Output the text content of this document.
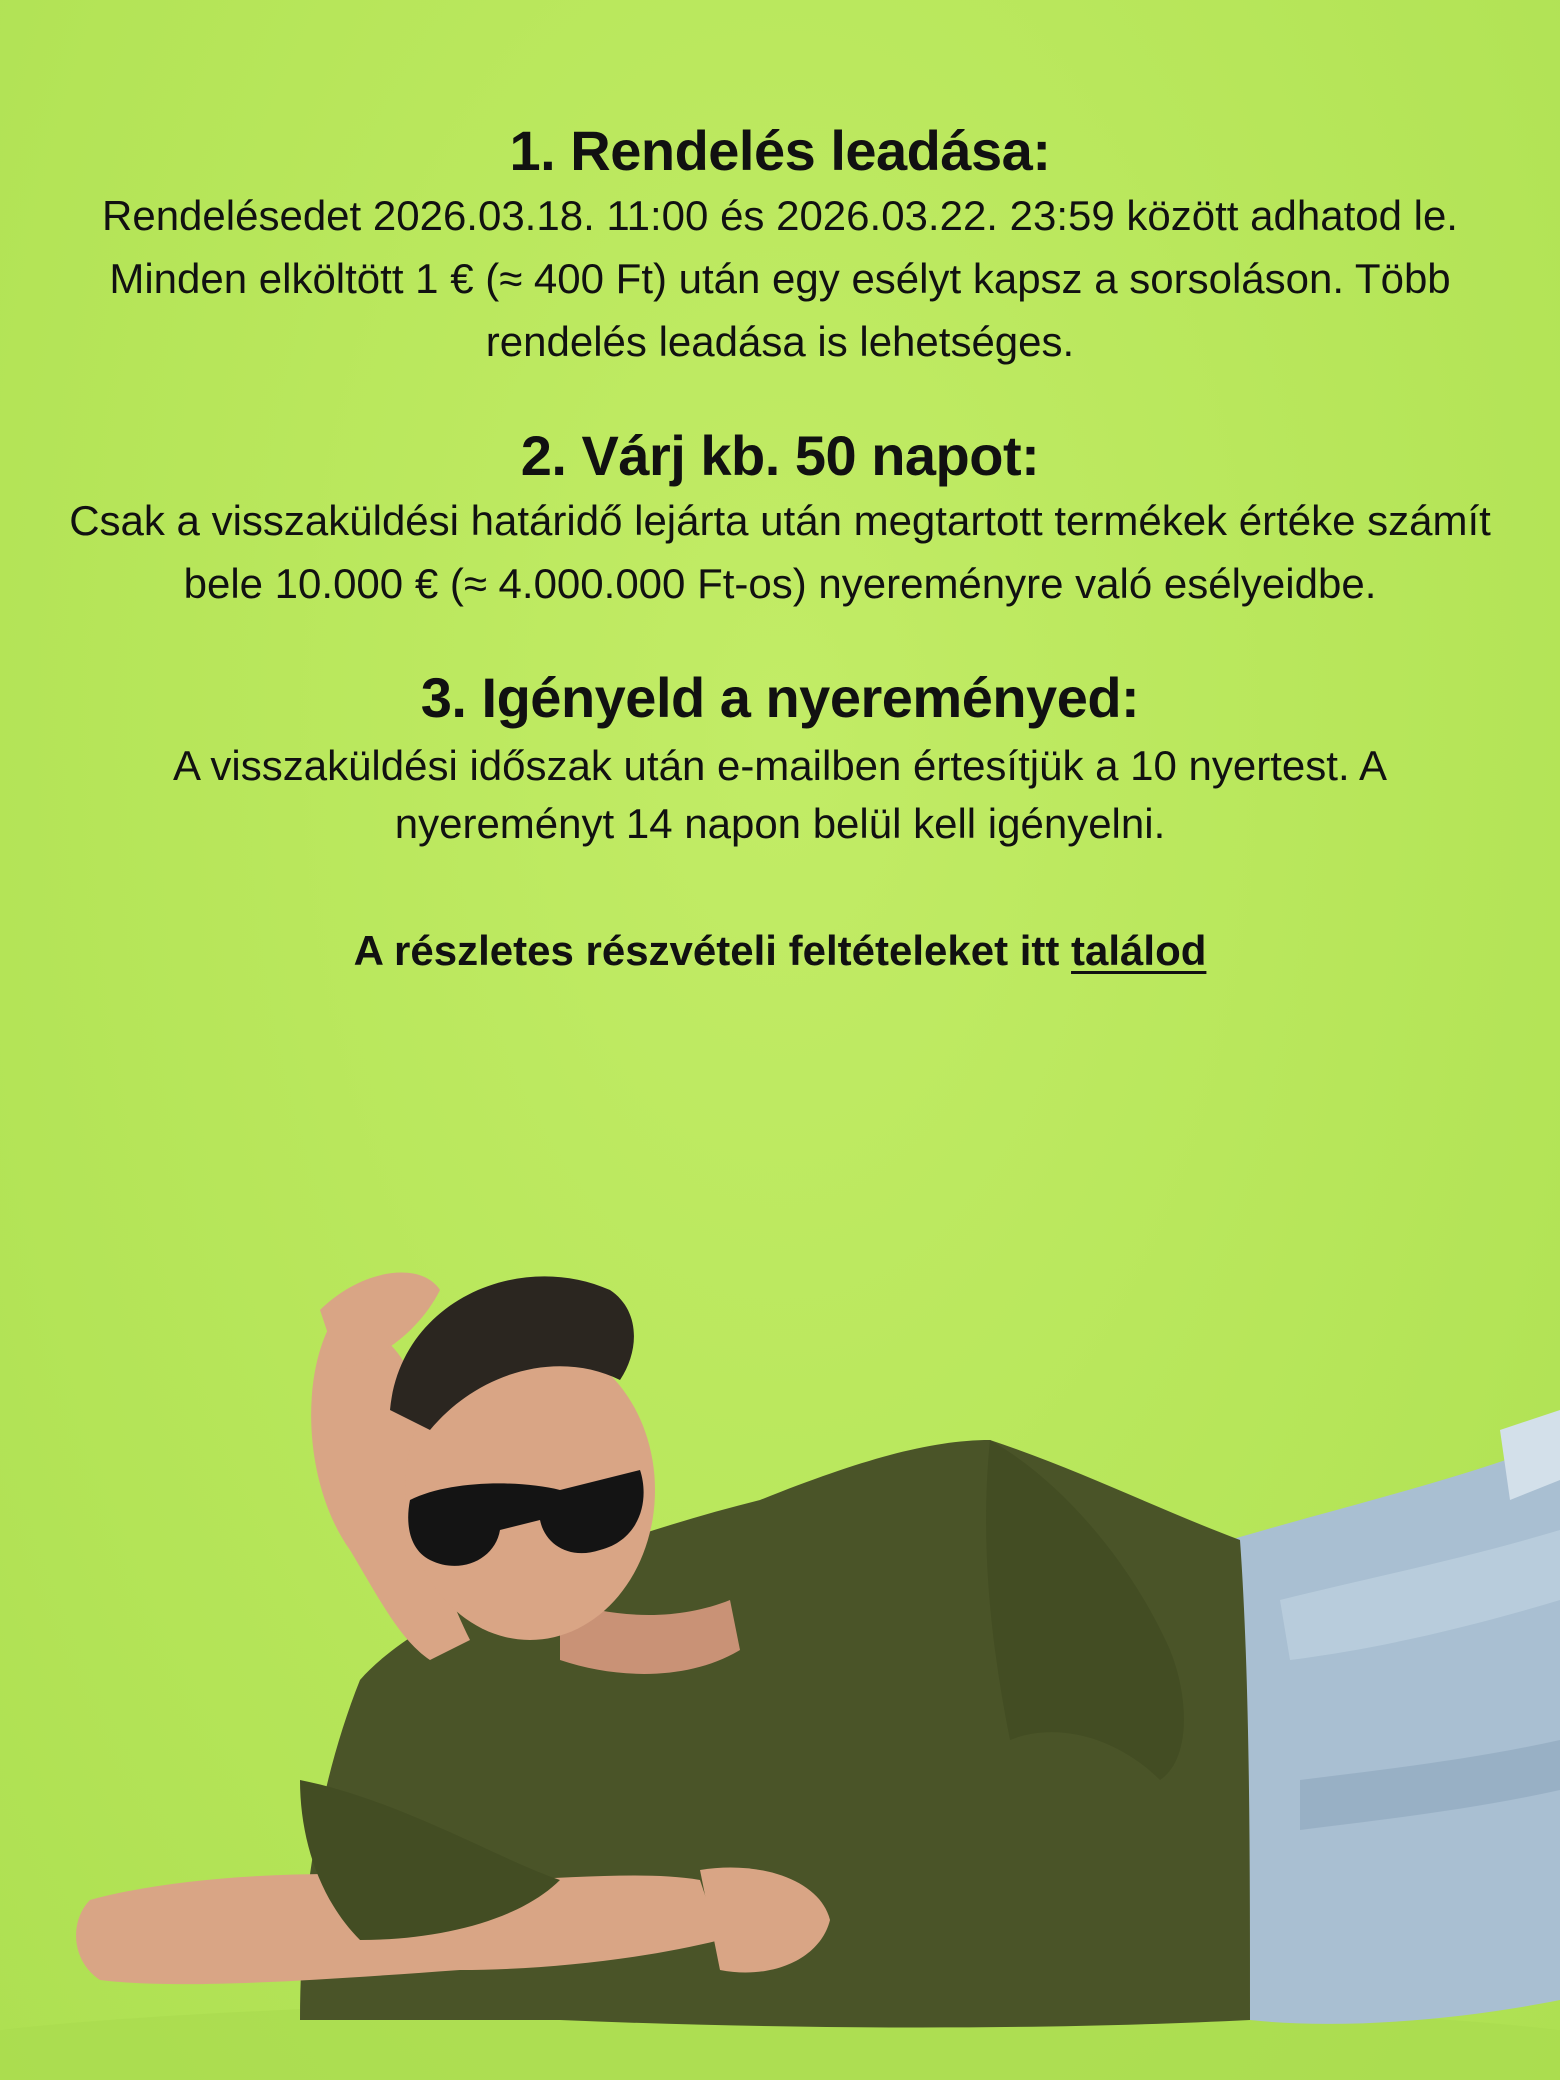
1. Rendelés leadása:

Rendelésedet 2026.03.18. 11:00 és 2026.03.22. 23:59 között adhatod le. Minden elköltött 1 € (≈ 400 Ft) után egy esélyt kapsz a sorsoláson. Több rendelés leadása is lehetséges.

2. Várj kb. 50 napot:

Csak a visszaküldési határidő lejárta után megtartott termékek értéke számít bele 10.000 € (≈ 4.000.000 Ft-os) nyereményre való esélyeidbe.

3. Igényeld a nyereményed:

A visszaküldési időszak után e-mailben értesítjük a 10 nyertest. A nyereményt 14 napon belül kell igényelni.

A részletes részvételi feltételeket itt találod
